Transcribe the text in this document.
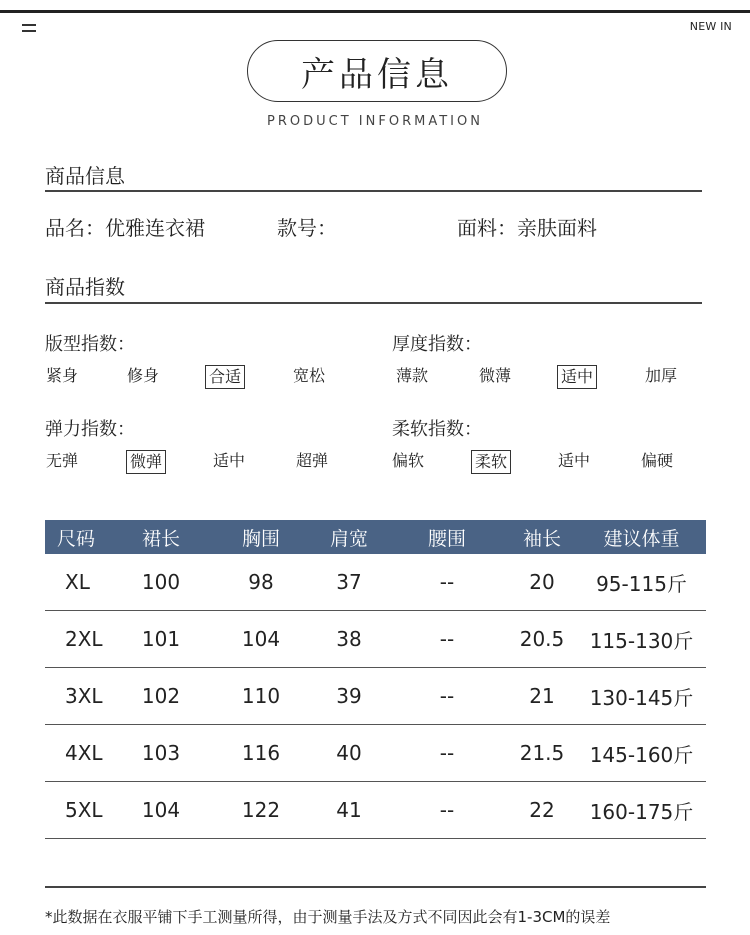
NEW IN
产品信息
PRODUCT INFORMATION
商品信息
品名：优雅连衣裙	款号：	面料：亲肤面料
商品指数
版型指数：
紧身	修身	合适	宽松
厚度指数：
薄款	微薄	适中	加厚
弹力指数：
无弹	微弹	适中	超弹
柔软指数：
偏软	柔软	适中	偏硬
尺码	裙长	胸围	肩宽	腰围	袖长	建议体重
XL	100	98	37	--	20	95-115斤
2XL	101	104	38	--	20.5	115-130斤
3XL	102	110	39	--	21	130-145斤
4XL	103	116	40	--	21.5	145-160斤
5XL	104	122	41	--	22	160-175斤
*此数据在衣服平铺下手工测量所得，由于测量手法及方式不同因此会有1-3CM的误差
